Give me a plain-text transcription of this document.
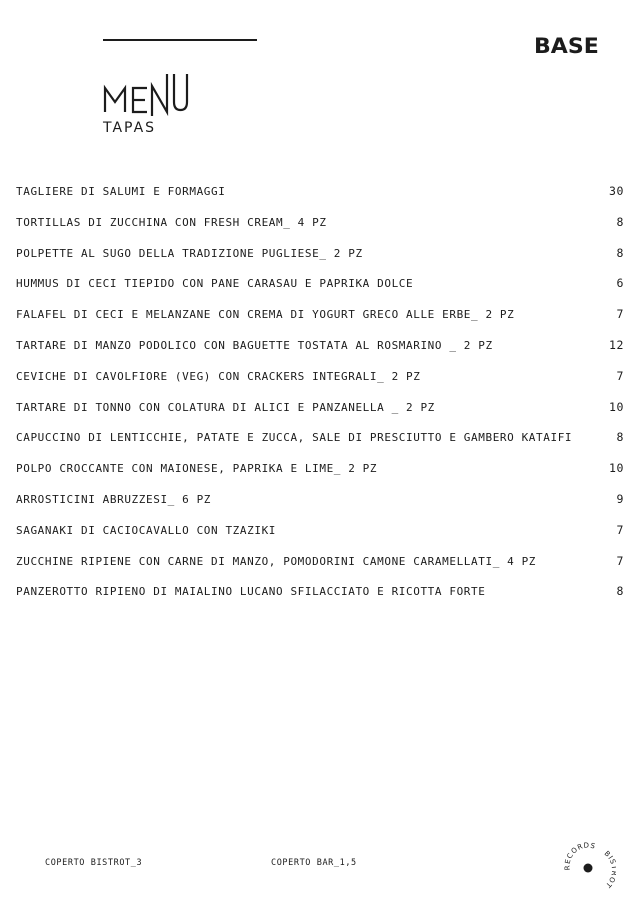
BASE
TAPAS
TAGLIERE DI SALUMI E FORMAGGI	30
TORTILLAS DI ZUCCHINA CON FRESH CREAM_ 4 PZ	8
POLPETTE AL SUGO DELLA TRADIZIONE PUGLIESE_ 2 PZ	8
HUMMUS DI CECI TIEPIDO CON PANE CARASAU E PAPRIKA DOLCE	6
FALAFEL DI CECI E MELANZANE CON CREMA DI YOGURT GRECO ALLE ERBE_ 2 PZ	7
TARTARE DI MANZO PODOLICO CON BAGUETTE TOSTATA AL ROSMARINO _ 2 PZ	12
CEVICHE DI CAVOLFIORE (VEG) CON CRACKERS INTEGRALI_ 2 PZ	7
TARTARE DI TONNO CON COLATURA DI ALICI E PANZANELLA _ 2 PZ	10
CAPUCCINO DI LENTICCHIE, PATATE E ZUCCA, SALE DI PRESCIUTTO E GAMBERO KATAIFI	8
POLPO CROCCANTE CON MAIONESE, PAPRIKA E LIME_ 2 PZ	10
ARROSTICINI ABRUZZESI_ 6 PZ	9
SAGANAKI DI CACIOCAVALLO CON TZAZIKI	7
ZUCCHINE RIPIENE CON CARNE DI MANZO, POMODORINI CAMONE CARAMELLATI_ 4 PZ	7
PANZEROTTO RIPIENO DI MAIALINO LUCANO SFILACCIATO E RICOTTA FORTE	8
COPERTO BISTROT_3	COPERTO BAR_1,5	RECORDS
BI OT
